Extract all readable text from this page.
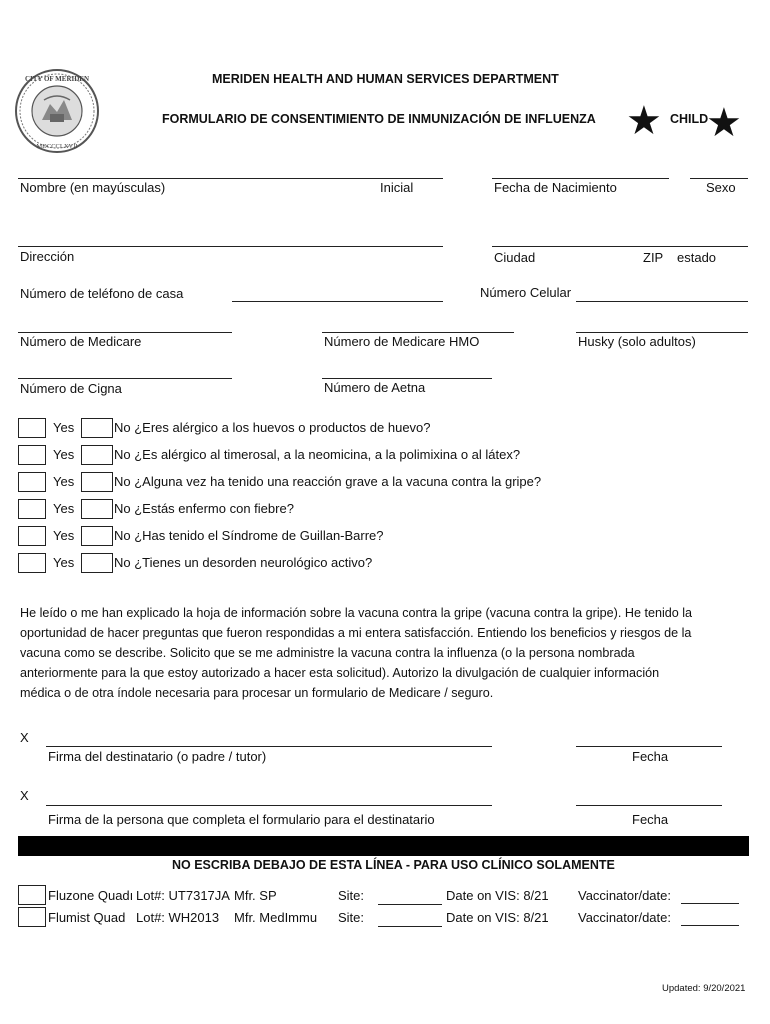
CITY OF MERIDEN
MDCCCLXVII
MERIDEN HEALTH AND HUMAN SERVICES DEPARTMENT
FORMULARIO DE CONSENTIMIENTO DE INMUNIZACIÓN DE INFLUENZA ★ CHILD
★
Nombre (en mayúsculas)	Inicial	Fecha de Nacimiento	Sexo
Dirección	Ciudad	ZIP estado
Número de teléfono de casa	Número Celular
Número de Medicare	Número de Medicare HMO	Husky (solo adultos)
Número de Cigna	Número de Aetna
Yes	No ¿Eres alérgico a los huevos o productos de huevo?
Yes	No ¿Es alérgico al timerosal, a la neomicina, a la polimixina o al látex?
Yes	No ¿Alguna vez ha tenido una reacción grave a la vacuna contra la gripe?
Yes	No ¿Estás enfermo con fiebre?
Yes	No ¿Has tenido el Síndrome de Guillan-Barre?
Yes	No ¿Tienes un desorden neurológico activo?
He leído o me han explicado la hoja de información sobre la vacuna contra la gripe (vacuna contra la gripe). He tenido la
oportunidad de hacer preguntas que fueron respondidas a mi entera satisfacción. Entiendo los beneficios y riesgos de la
vacuna como se describe. Solicito que se me administre la vacuna contra la influenza (o la persona nombrada
anteriormente para la que estoy autorizado a hacer esta solicitud). Autorizo la divulgación de cualquier información
médica o de otra índole necesaria para procesar un formulario de Medicare / seguro.
X
Firma del destinatario (o padre / tutor)	Fecha
X
Firma de la persona que completa el formulario para el destinatario	Fecha
NO ESCRIBA DEBAJO DE ESTA LÍNEA - PARA USO CLÍNICO SOLAMENTE
Fluzone Quadı Lot#: UT7317JA Mfr. SP	Site:	Date on VIS: 8/21 Vaccinator/date:
Flumist Quad Lot#: WH2013 Mfr. MedImmu Site:	Date on VIS: 8/21 Vaccinator/date:
Updated: 9/20/2021
